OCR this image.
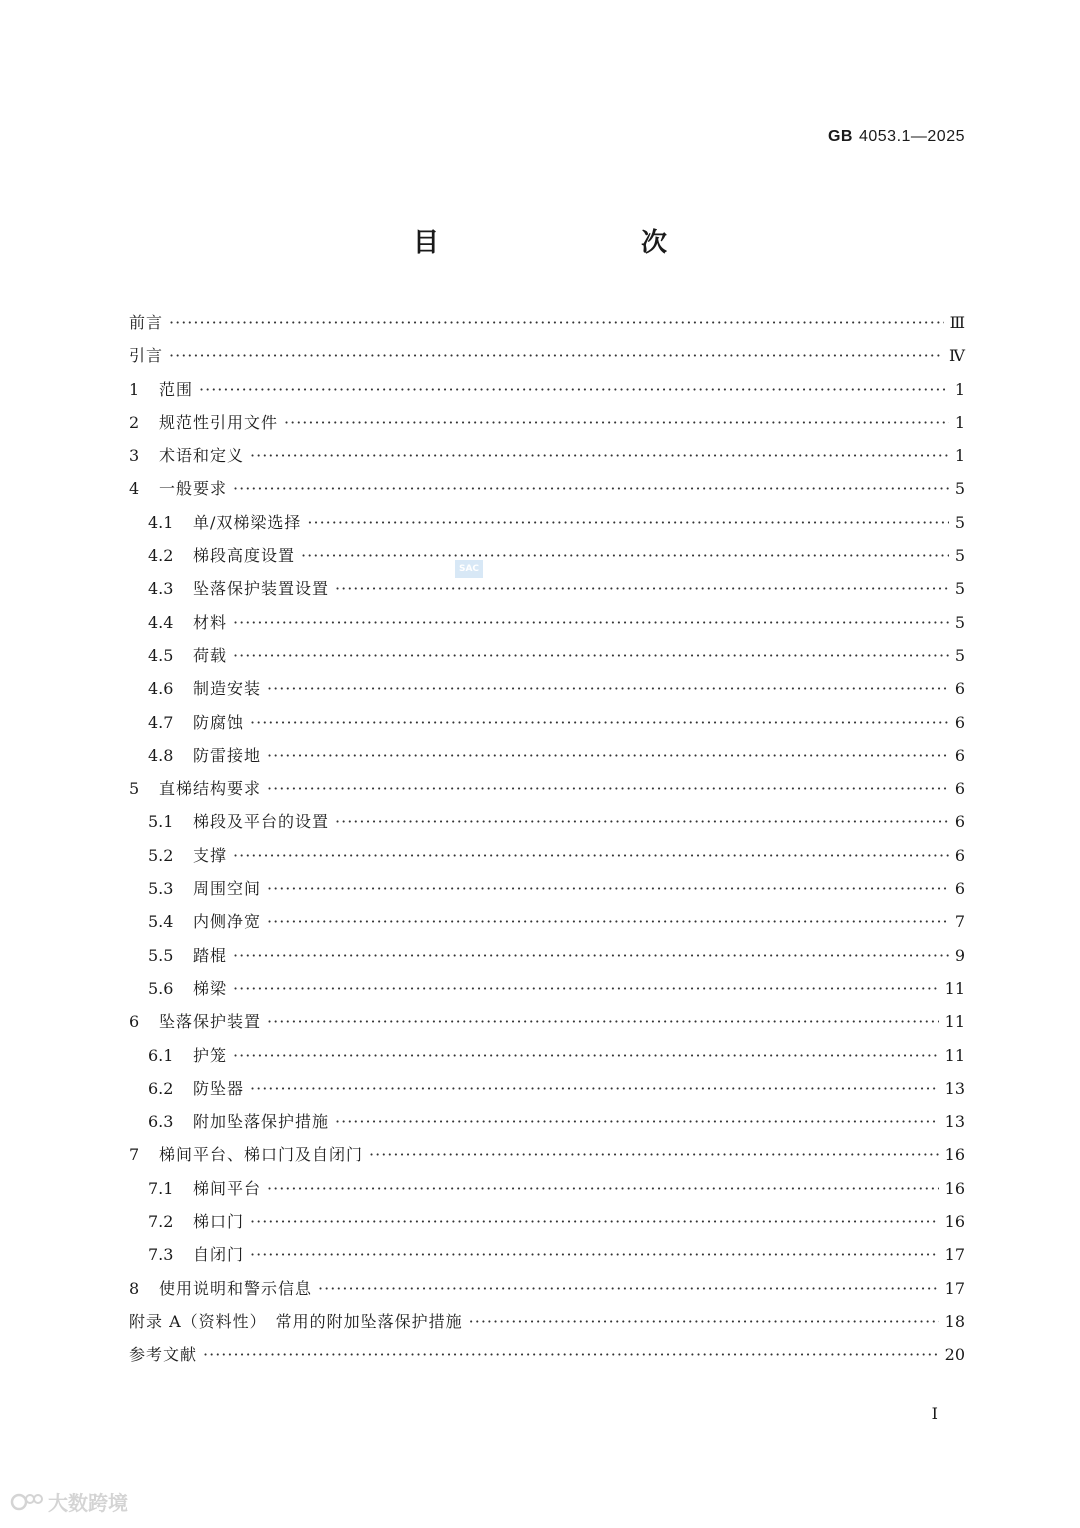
GB 4053.1—2025
目　　次
SAC
前言 ·····	Ⅲ
引言 ·····	Ⅳ
1	范围 ·····	1
2	规范性引用文件 ·····	1
3	术语和定义 ·····	1
4	一般要求 ·····	5
4.1	单/双梯梁选择 ·····	5
4.2	梯段高度设置 ·····	5
4.3	坠落保护装置设置 ·····	5
4.4	材料 ·····	5
4.5	荷载 ·····	5
4.6	制造安装 ·····	6
4.7	防腐蚀 ·····	6
4.8	防雷接地 ·····	6
5	直梯结构要求 ·····	6
5.1	梯段及平台的设置 ·····	6
5.2	支撑 ·····	6
5.3	周围空间 ·····	6
5.4	内侧净宽 ·····	7
5.5	踏棍 ·····	9
5.6	梯梁 ·····	11
6	坠落保护装置 ·····	11
6.1	护笼 ·····	11
6.2	防坠器 ·····	13
6.3	附加坠落保护措施 ·····	13
7	梯间平台、梯口门及自闭门 ·····	16
7.1	梯间平台 ·····	16
7.2	梯口门 ·····	16
7.3	自闭门 ·····	17
8	使用说明和警示信息 ·····	17
附录 A（资料性）　常用的附加坠落保护措施 ·····	18
参考文献 ·····	20
Ⅰ
大数跨境
